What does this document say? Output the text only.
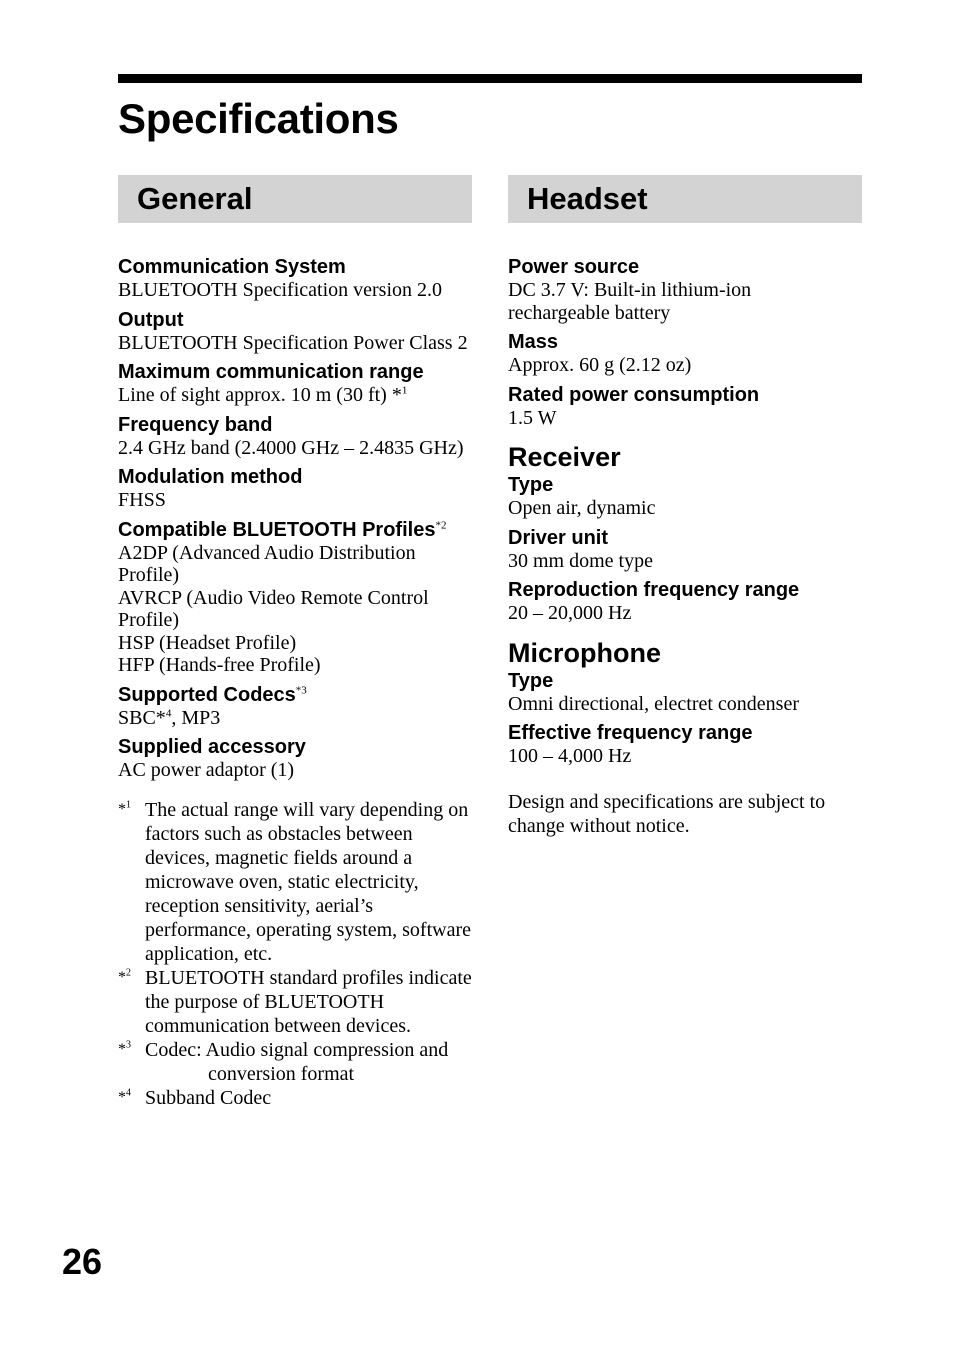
Specifications
General
Communication System
BLUETOOTH Specification version 2.0
Output
BLUETOOTH Specification Power Class 2
Maximum communication range
Line of sight approx. 10 m (30 ft) *$^1$
Frequency band
2.4 GHz band (2.4000 GHz – 2.4835 GHz)
Modulation method
FHSS
Compatible BLUETOOTH Profiles$^{*2}$
A2DP (Advanced Audio Distribution
Profile)
AVRCP (Audio Video Remote Control
Profile)
HSP (Headset Profile)
HFP (Hands-free Profile)
Supported Codecs$^{*3}$
SBC*$^4$, MP3
Supplied accessory
AC power adaptor (1)
*$^1$ The actual range will vary depending on factors such as obstacles between devices, magnetic fields around a microwave oven, static electricity, reception sensitivity, aerial’s performance, operating system, software application, etc.
*$^2$ BLUETOOTH standard profiles indicate the purpose of BLUETOOTH communication between devices.
*$^3$ Codec: Audio signal compression and
conversion format
*$^4$ Subband Codec
Headset
Power source
DC 3.7 V: Built-in lithium-ion
rechargeable battery
Mass
Approx. 60 g (2.12 oz)
Rated power consumption
1.5 W
Receiver
Type
Open air, dynamic
Driver unit
30 mm dome type
Reproduction frequency range
20 – 20,000 Hz
Microphone
Type
Omni directional, electret condenser
Effective frequency range
100 – 4,000 Hz
Design and specifications are subject to change without notice.
26
